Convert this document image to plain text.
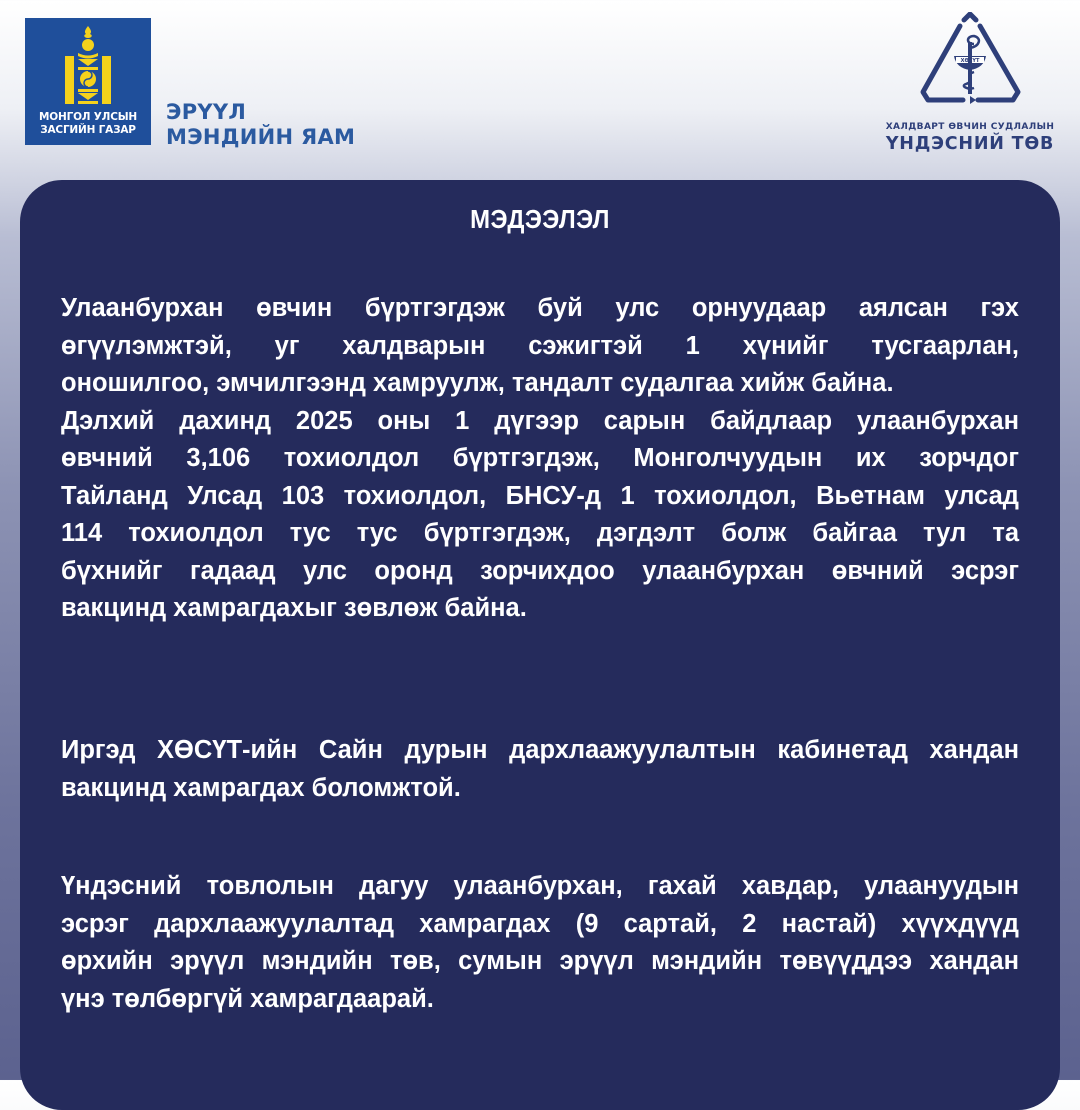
МОНГОЛ УЛСЫН
ЗАСГИЙН ГАЗАР
ЭРҮҮЛ
МЭНДИЙН ЯАМ
ХӨСҮТ
ХАЛДВАРТ ӨВЧИН СУДЛАЛЫН
ҮНДЭСНИЙ ТӨВ
МЭДЭЭЛЭЛ
Улаанбурхан өвчин бүртгэгдэж буй улс орнуудаар аялсан гэх
өгүүлэмжтэй, уг халдварын сэжигтэй 1 хүнийг тусгаарлан,
оношилгоо, эмчилгээнд хамруулж, тандалт судалгаа хийж байна.
Дэлхий дахинд 2025 оны 1 дүгээр сарын байдлаар улаанбурхан
өвчний 3,106 тохиолдол бүртгэгдэж, Монголчуудын их зорчдог
Тайланд Улсад 103 тохиолдол, БНСУ-д 1 тохиолдол, Вьетнам улсад
114 тохиолдол тус тус бүртгэгдэж, дэгдэлт болж байгаа тул та
бүхнийг гадаад улс оронд зорчихдоо улаанбурхан өвчний эсрэг
вакцинд хамрагдахыг зөвлөж байна.
Иргэд ХӨСҮТ-ийн Сайн дурын дархлаажуулалтын кабинетад хандан
вакцинд хамрагдах боломжтой.
Үндэсний товлолын дагуу улаанбурхан, гахай хавдар, улаануудын
эсрэг дархлаажуулалтад хамрагдах (9 сартай, 2 настай) хүүхдүүд
өрхийн эрүүл мэндийн төв, сумын эрүүл мэндийн төвүүддээ хандан
үнэ төлбөргүй хамрагдаарай.
